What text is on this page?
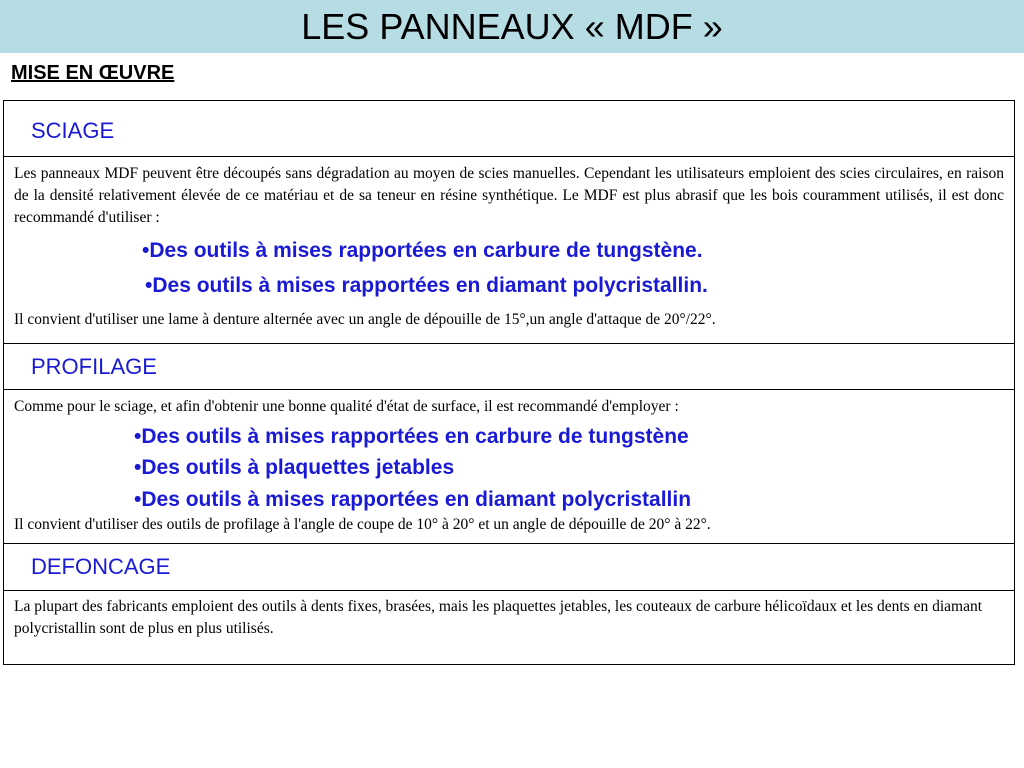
LES PANNEAUX « MDF »
MISE EN ŒUVRE
SCIAGE
Les panneaux MDF peuvent être découpés sans dégradation au moyen de scies manuelles. Cependant les utilisateurs emploient des scies circulaires, en raison de la densité relativement élevée de ce matériau et de sa teneur en résine synthétique. Le MDF est plus abrasif que les bois couramment utilisés, il est donc recommandé d'utiliser :
•Des outils à mises rapportées en carbure de tungstène.
•Des outils à mises rapportées en diamant polycristallin.
Il convient d'utiliser une lame à denture alternée avec un angle de dépouille de 15°,un angle d'attaque de 20°/22°.
PROFILAGE
Comme pour le sciage, et afin d'obtenir une bonne qualité d'état de surface, il est recommandé d'employer :
•Des outils à mises rapportées en carbure de tungstène
•Des outils à plaquettes jetables
•Des outils à mises rapportées en diamant polycristallin
Il convient d'utiliser des outils de profilage à l'angle de coupe de 10° à 20° et un angle de dépouille de 20° à 22°.
DEFONCAGE
La plupart des fabricants emploient des outils à dents fixes, brasées, mais les plaquettes jetables, les couteaux de carbure hélicoïdaux et les dents en diamant polycristallin sont de plus en plus utilisés.
